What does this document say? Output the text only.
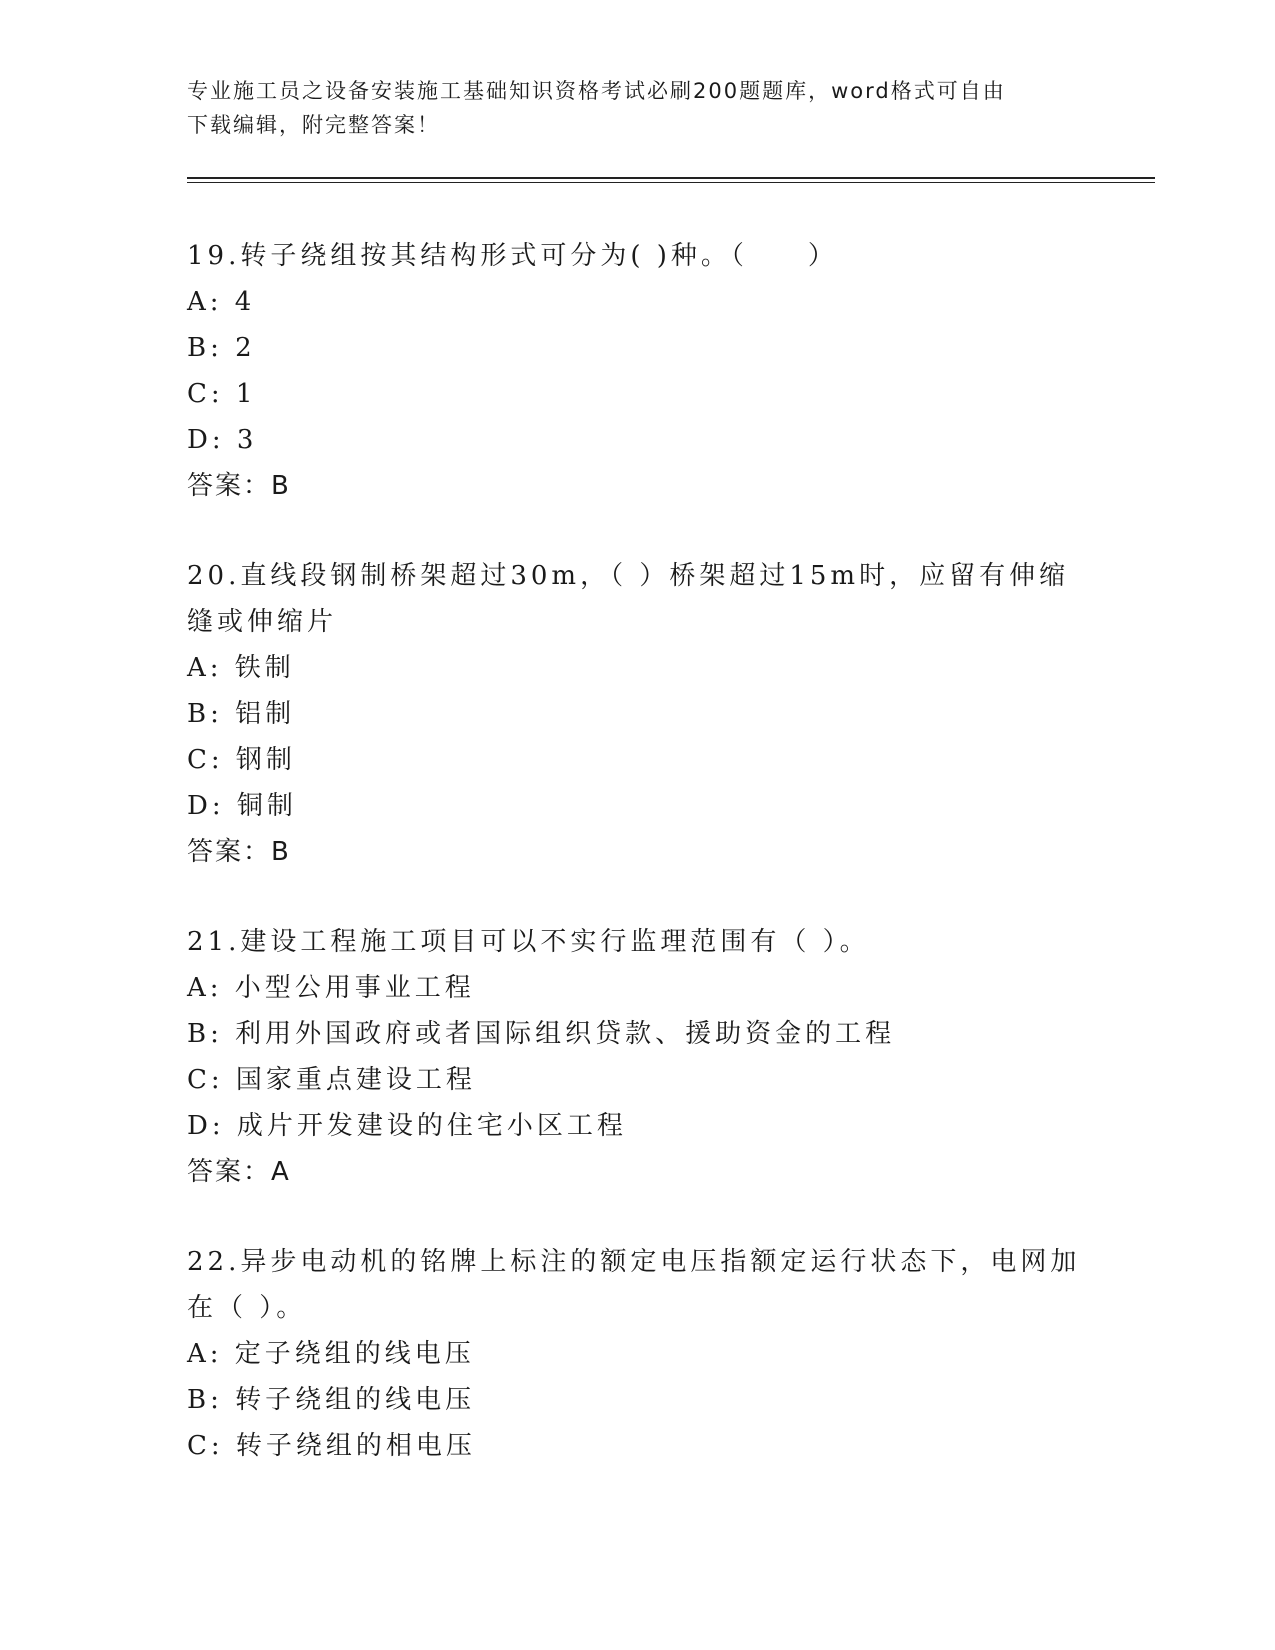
专业施工员之设备安装施工基础知识资格考试必刷200题题库，word格式可自由
下载编辑，附完整答案！
19.转子绕组按其结构形式可分为( )种。（　　）
A: 4
B: 2
C: 1
D: 3
答案：B
20.直线段钢制桥架超过30m，（ ）桥架超过15m时，应留有伸缩缝或伸缩片
A: 铁制
B: 铝制
C: 钢制
D: 铜制
答案：B
21.建设工程施工项目可以不实行监理范围有（ ）。
A: 小型公用事业工程
B: 利用外国政府或者国际组织贷款、援助资金的工程
C: 国家重点建设工程
D: 成片开发建设的住宅小区工程
答案：A
22.异步电动机的铭牌上标注的额定电压指额定运行状态下，电网加在（ ）。
A: 定子绕组的线电压
B: 转子绕组的线电压
C: 转子绕组的相电压
